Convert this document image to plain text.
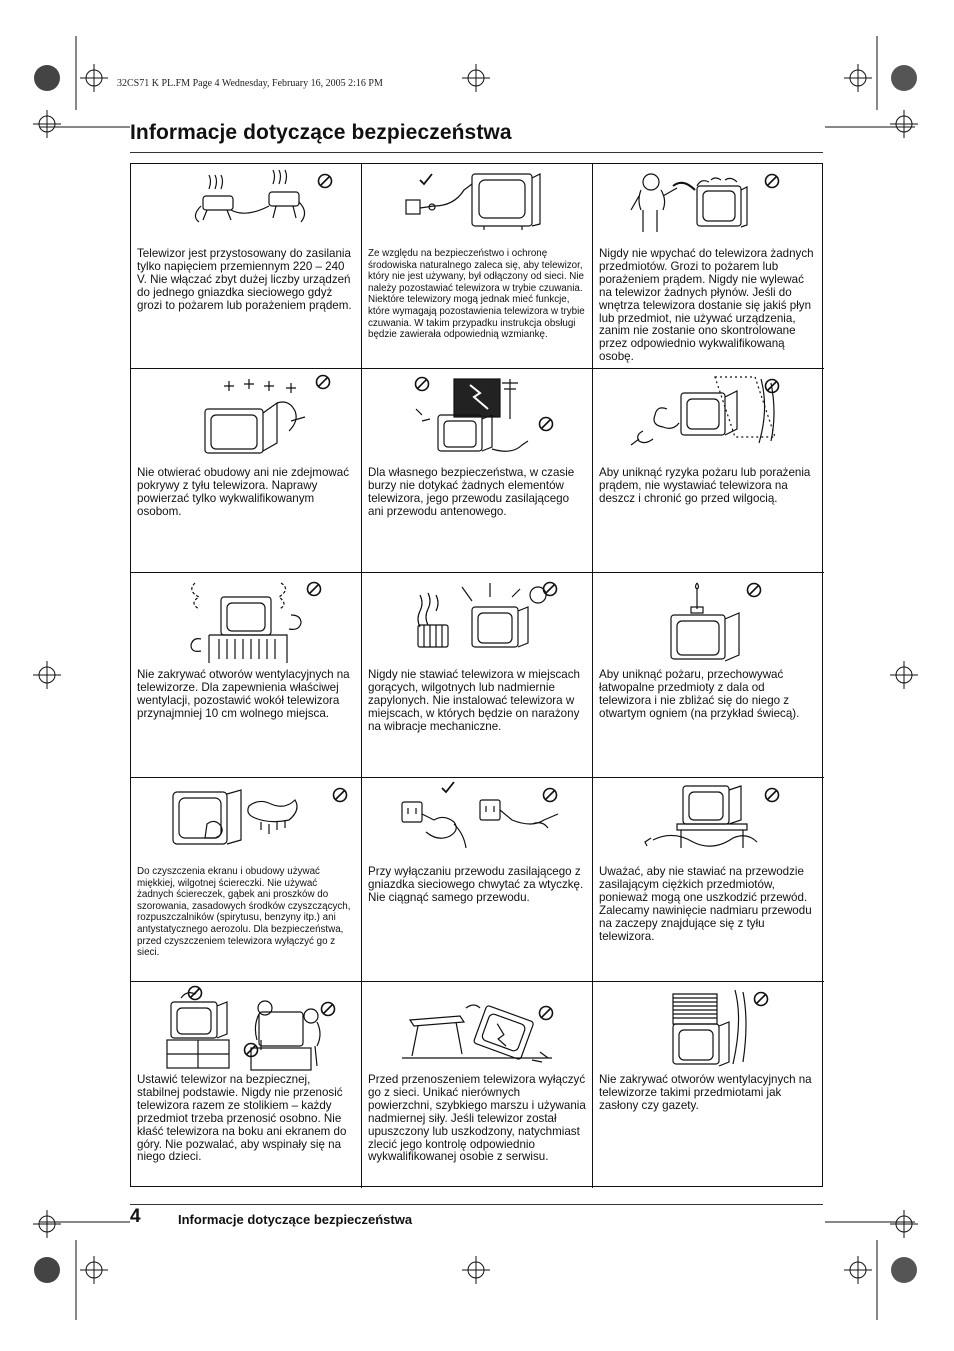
32CS71 K PL.FM Page 4 Wednesday, February 16, 2005 2:16 PM
Informacje dotyczące bezpieczeństwa
Telewizor jest przystosowany do zasilania tylko napięciem przemiennym 220 – 240 V. Nie włączać zbyt dużej liczby urządzeń do jednego gniazdka sieciowego gdyż grozi to pożarem lub porażeniem prądem.
Ze względu na bezpieczeństwo i ochronę środowiska naturalnego zaleca się, aby telewizor, który nie jest używany, był odłączony od sieci. Nie należy pozostawiać telewizora w trybie czuwania. Niektóre telewizory mogą jednak mieć funkcje, które wymagają pozostawienia telewizora w trybie czuwania. W takim przypadku instrukcja obsługi będzie zawierała odpowiednią wzmiankę.
Nigdy nie wpychać do telewizora żadnych przedmiotów. Grozi to pożarem lub porażeniem prądem. Nigdy nie wylewać na telewizor żadnych płynów. Jeśli do wnętrza telewizora dostanie się jakiś płyn lub przedmiot, nie używać urządzenia, zanim nie zostanie ono skontrolowane przez odpowiednio wykwalifikowaną osobę.
Nie otwierać obudowy ani nie zdejmować pokrywy z tyłu telewizora. Naprawy powierzać tylko wykwalifikowanym osobom.
Dla własnego bezpieczeństwa, w czasie burzy nie dotykać żadnych elementów telewizora, jego przewodu zasilającego ani przewodu antenowego.
Aby uniknąć ryzyka pożaru lub porażenia prądem, nie wystawiać telewizora na deszcz i chronić go przed wilgocią.
Nie zakrywać otworów wentylacyjnych na telewizorze. Dla zapewnienia właściwej wentylacji, pozostawić wokół telewizora przynajmniej 10 cm wolnego miejsca.
Nigdy nie stawiać telewizora w miejscach gorących, wilgotnych lub nadmiernie zapylonych. Nie instalować telewizora w miejscach, w których będzie on narażony na wibracje mechaniczne.
Aby uniknąć pożaru, przechowywać łatwopalne przedmioty z dala od telewizora i nie zbliżać się do niego z otwartym ogniem (na przykład świecą).
Do czyszczenia ekranu i obudowy używać miękkiej, wilgotnej ściereczki. Nie używać żadnych ściereczek, gąbek ani proszków do szorowania, zasadowych środków czyszczących, rozpuszczalników (spirytusu, benzyny itp.) ani antystatycznego aerozolu. Dla bezpieczeństwa, przed czyszczeniem telewizora wyłączyć go z sieci.
Przy wyłączaniu przewodu zasilającego z gniazdka sieciowego chwytać za wtyczkę. Nie ciągnąć samego przewodu.
Uważać, aby nie stawiać na przewodzie zasilającym ciężkich przedmiotów, ponieważ mogą one uszkodzić przewód.
Zalecamy nawinięcie nadmiaru przewodu na zaczepy znajdujące się z tyłu telewizora.
Ustawić telewizor na bezpiecznej, stabilnej podstawie. Nigdy nie przenosić telewizora razem ze stolikiem – każdy przedmiot trzeba przenosić osobno. Nie kłaść telewizora na boku ani ekranem do góry. Nie pozwalać, aby wspinały się na niego dzieci.
Przed przenoszeniem telewizora wyłączyć go z sieci. Unikać nierównych powierzchni, szybkiego marszu i używania nadmiernej siły. Jeśli telewizor został upuszczony lub uszkodzony, natychmiast zlecić jego kontrolę odpowiednio wykwalifikowanej osobie z serwisu.
Nie zakrywać otworów wentylacyjnych na telewizorze takimi przedmiotami jak zasłony czy gazety.
4	Informacje dotyczące bezpieczeństwa
